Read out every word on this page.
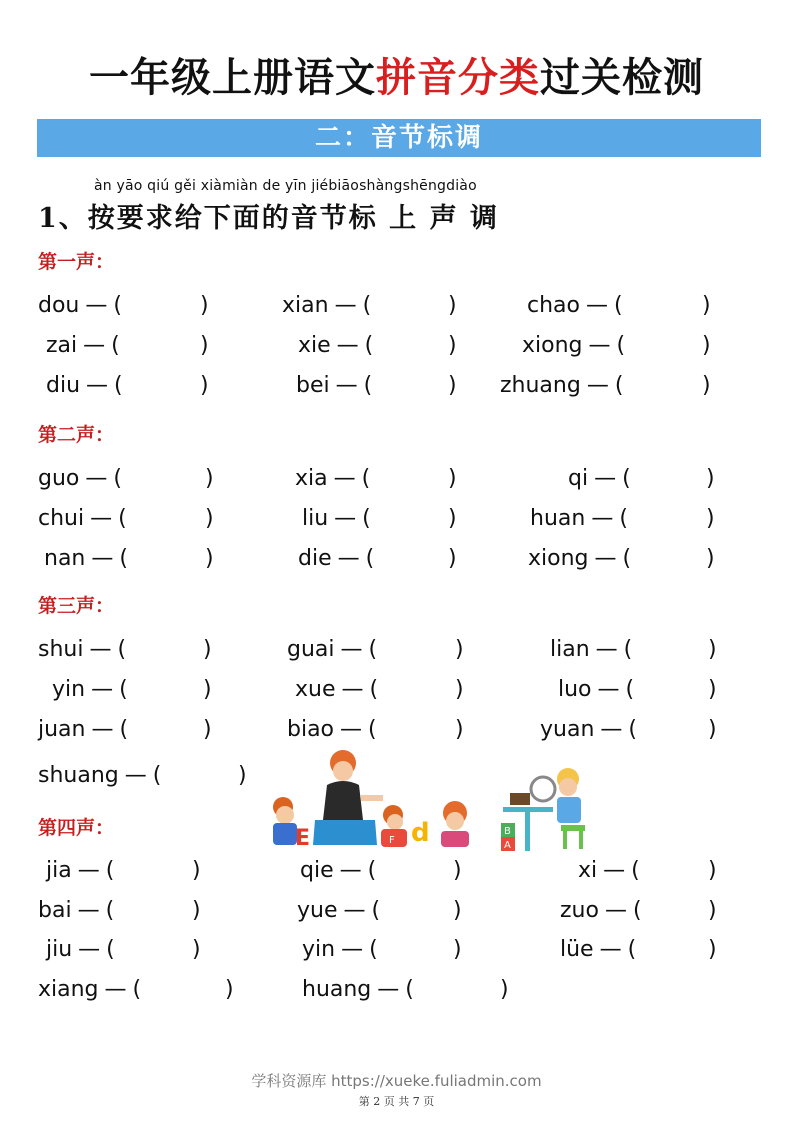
一年级上册语文拼音分类过关检测
二：音节标调
àn yāo qiú gěi xiàmiàn de yīn jiébiāoshàngshēngdiào
1、按要求给下面的音节标 上 声 调
第一声：
第二声：
第三声：
第四声：
dou — (	)	xian — (	)	chao — (	)
zai — (	)	xie — (	)	xiong — (	)
diu — (	)	bei — (	) zhuang — (	)
guo — (	)	xia — (	)	qi — (	)
chui — (	)	liu — (	)	huan — (	)
nan — (	)	die — (	)	xiong — (	)
shui — (	)	guai — (	)	lian — (	)
yin — (	)	xue — (	)	luo — (	)
juan — (	)	biao — (	)	yuan — (	)
shuang — (	)
jia — (	)	qie — (	)	xi — (	)
bai — (	)	yue — (	)	zuo — (	)
jiu — (	)	yin — (	)	lüe — (	)
xiang — (	)	huang — (	)
E	F d	B
A
学科资源库 https://xueke.fuliadmin.com
第 2 页 共 7 页
